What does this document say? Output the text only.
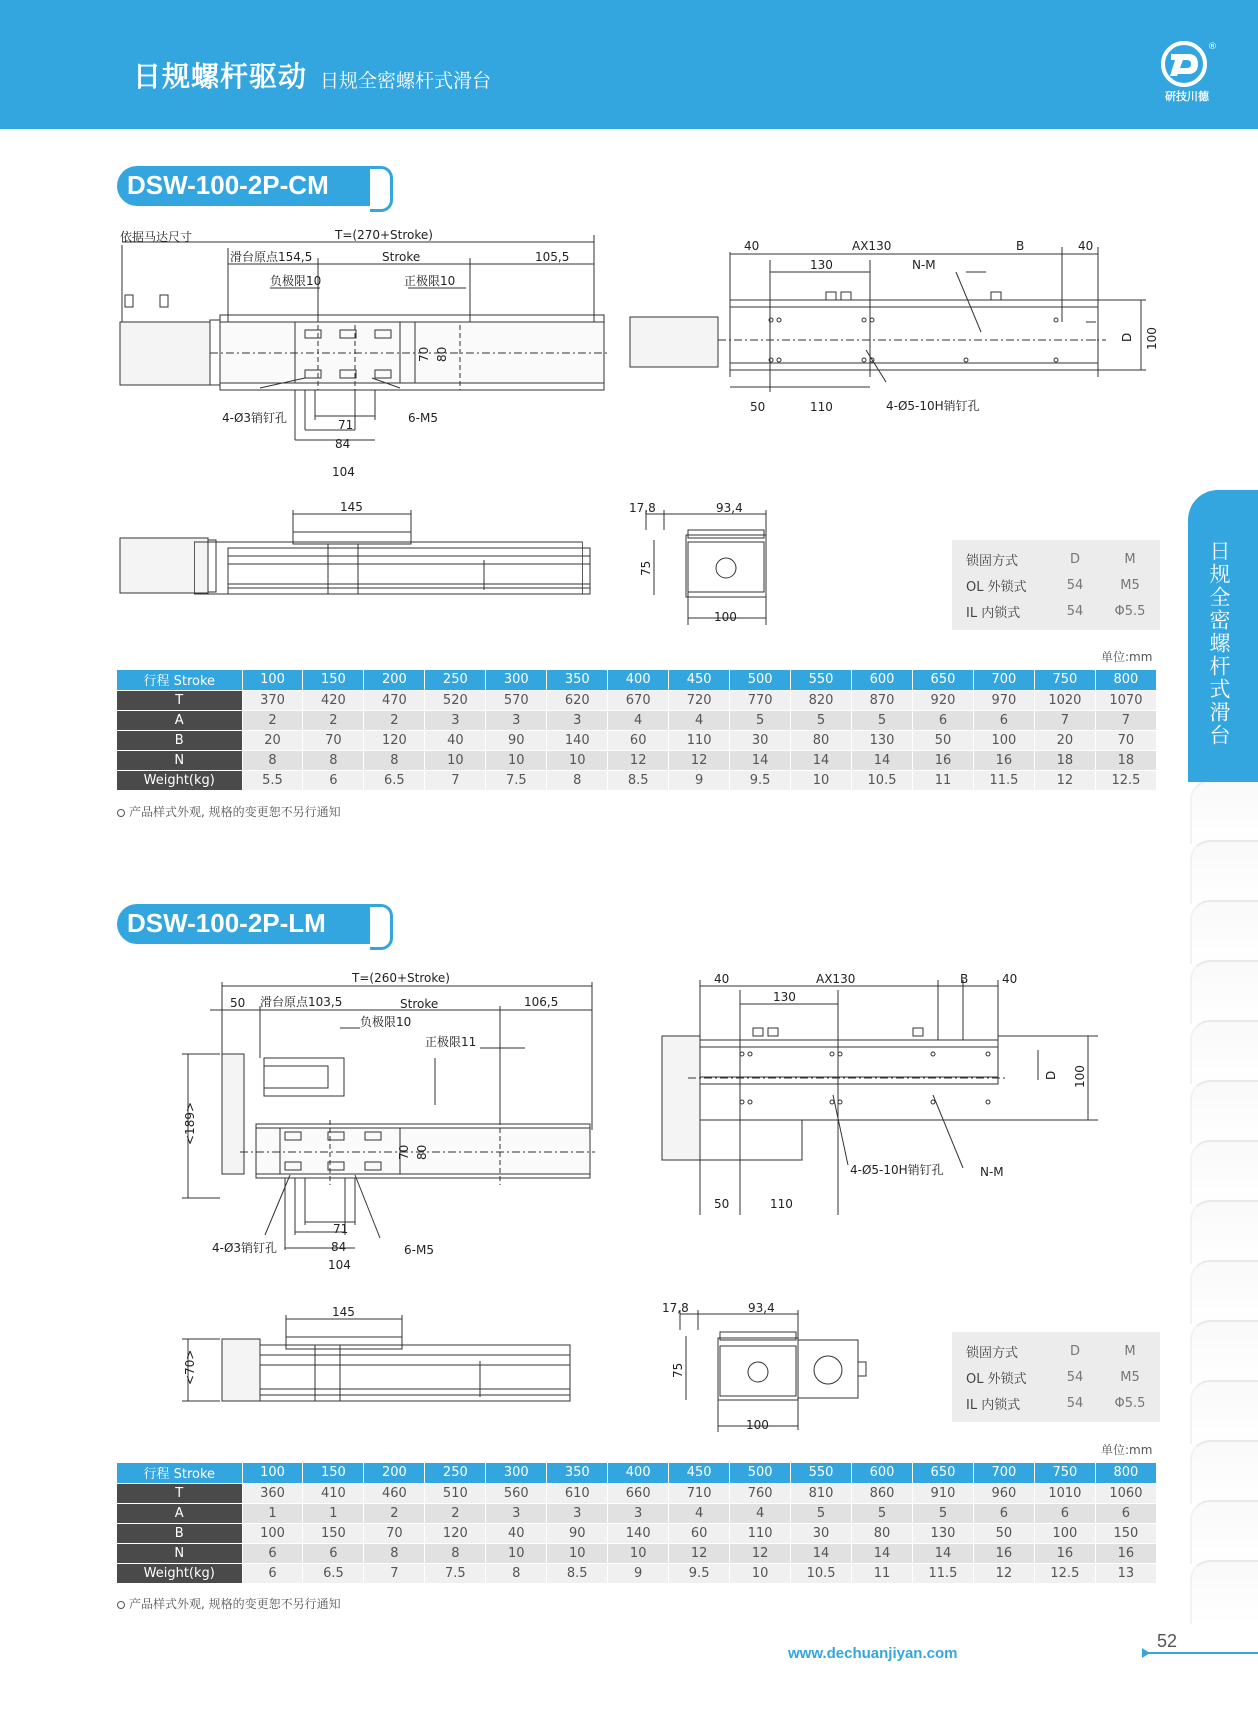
日规螺杆驱动 日规全密螺杆式滑台
®
研技川德
DSW-100-2P-CM
依据马达尺寸	T=(270+Stroke)
滑台原点154,5	Stroke	105,5
负极限10	正极限10
70 80
4-Ø3销钉孔	6-M5
71
84
104
40	AX130	B	40
130	N-M
D 100
50	110	4-Ø5-10H销钉孔
145	17,8	93,4
75
100
锁固方式	D	M
OL 外锁式	54	M5
IL 内锁式	54	Φ5.5
单位:mm
行程 Stroke	100	150	200	250	300	350	400	450	500	550	600	650	700	750	800
T	370	420	470	520	570	620	670	720	770	820	870	920	970	1020	1070
A	2	2	2	3	3	3	4	4	5	5	5	6	6	7	7
B	20	70	120	40	90	140	60	110	30	80	130	50	100	20	70
N	8	8	8	10	10	10	12	12	14	14	14	16	16	18	18
Weight(kg)	5.5	6	6.5	7	7.5	8	8.5	9	9.5	10	10.5	11	11.5	12	12.5
产品样式外观, 规格的变更恕不另行通知
DSW-100-2P-LM
T=(260+Stroke)
50 滑台原点103,5	Stroke	106,5
负极限10
正极限11
<189>
70 80
4-Ø3销钉孔	6-M5
71
84
104
40	AX130	B	40
130
D 100
4-Ø5-10H销钉孔	N-M
50	110
145
<70>
17,8	93,4
75
100
锁固方式	D	M
OL 外锁式	54	M5
IL 内锁式	54	Φ5.5
单位:mm
行程 Stroke	100	150	200	250	300	350	400	450	500	550	600	650	700	750	800
T	360	410	460	510	560	610	660	710	760	810	860	910	960	1010	1060
A	1	1	2	2	3	3	3	4	4	5	5	5	6	6	6
B	100	150	70	120	40	90	140	60	110	30	80	130	50	100	150
N	6	6	8	8	10	10	10	12	12	14	14	14	16	16	16
Weight(kg)	6	6.5	7	7.5	8	8.5	9	9.5	10	10.5	11	11.5	12	12.5	13
产品样式外观, 规格的变更恕不另行通知
日规全密螺杆式滑台
www.dechuanjiyan.com
52
